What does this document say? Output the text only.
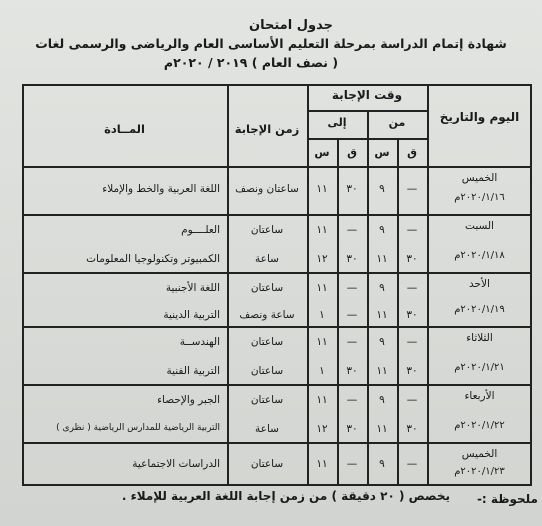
جدول امتحان
شهادة إتمام الدراسة بمرحلة التعليم الأساسى العام والرياضى والرسمى لغات
( نصف العام ) ٢٠١٩ / ٢٠٢٠م
اليوم والتاريخ
وقت الإجابة
من
إلى
ق
س
ق
س
زمن الإجابة
المــادة
الخميس
٢٠٢٠/١/١٦م
—
٩
٣٠
١١
ساعتان ونصف
اللغة العربية والخط والإملاء
السبت
٢٠٢٠/١/١٨م
—
٩
—
١١
ساعتان
العلــــوم
٣٠
١١
٣٠
١٢
ساعة
الكمبيوتر وتكنولوجيا المعلومات
الأحد
٢٠٢٠/١/١٩م
—
٩
—
١١
ساعتان
اللغة الأجنبية
٣٠
١١
—
١
ساعة ونصف
التربية الدينية
الثلاثاء
٢٠٢٠/١/٢١م
—
٩
—
١١
ساعتان
الهندســة
٣٠
١١
٣٠
١
ساعتان
التربية الفنية
الأربعاء
٢٠٢٠/١/٢٢م
—
٩
—
١١
ساعتان
الجبر والإحصاء
٣٠
١١
٣٠
١٢
ساعة
التربية الرياضية للمدارس الرياضية ( نظرى )
الخميس
٢٠٢٠/١/٢٣م
—
٩
—
١١
ساعتان
الدراسات الاجتماعية
ملحوظة :-
يخصص ( ٢٠ دقيقة ) من زمن إجابة اللغة العربية للإملاء .
